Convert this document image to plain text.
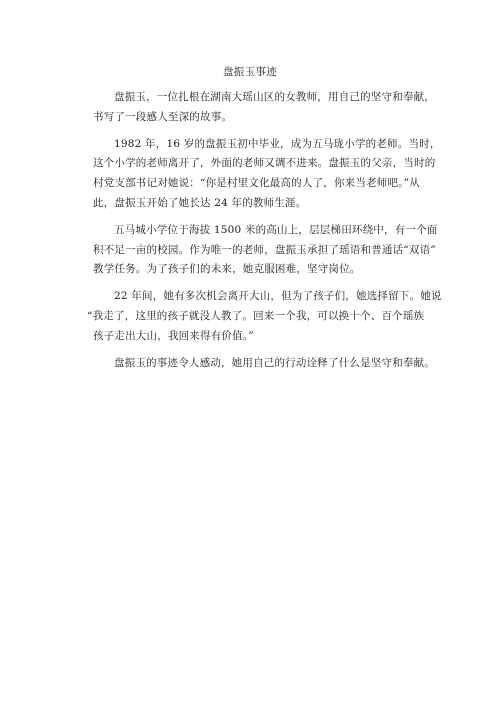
盘振玉事迹
盘振玉，一位扎根在湖南大瑶山区的女教师，用自己的坚守和奉献，
书写了一段感人至深的故事。
1982 年，16 岁的盘振玉初中毕业，成为五马珑小学的老师。当时，
这个小学的老师离开了，外面的老师又调不进来。盘振玉的父亲，当时的
村党支部书记对她说：“你是村里文化最高的人了，你来当老师吧。”从
此，盘振玉开始了她长达 24 年的教师生涯。
五马城小学位于海拔 1500 米的高山上，层层梯田环绕中，有一个面
积不足一亩的校园。作为唯一的老师，盘振玉承担了瑶语和普通话“双语”
教学任务。为了孩子们的未来，她克服困难，坚守岗位。
22 年间，她有多次机会离开大山，但为了孩子们，她选择留下。她说
“我走了，这里的孩子就没人教了。回来一个我，可以换十个、百个瑶族
孩子走出大山，我回来得有价值。”
盘振玉的事迹令人感动，她用自己的行动诠释了什么是坚守和奉献。
